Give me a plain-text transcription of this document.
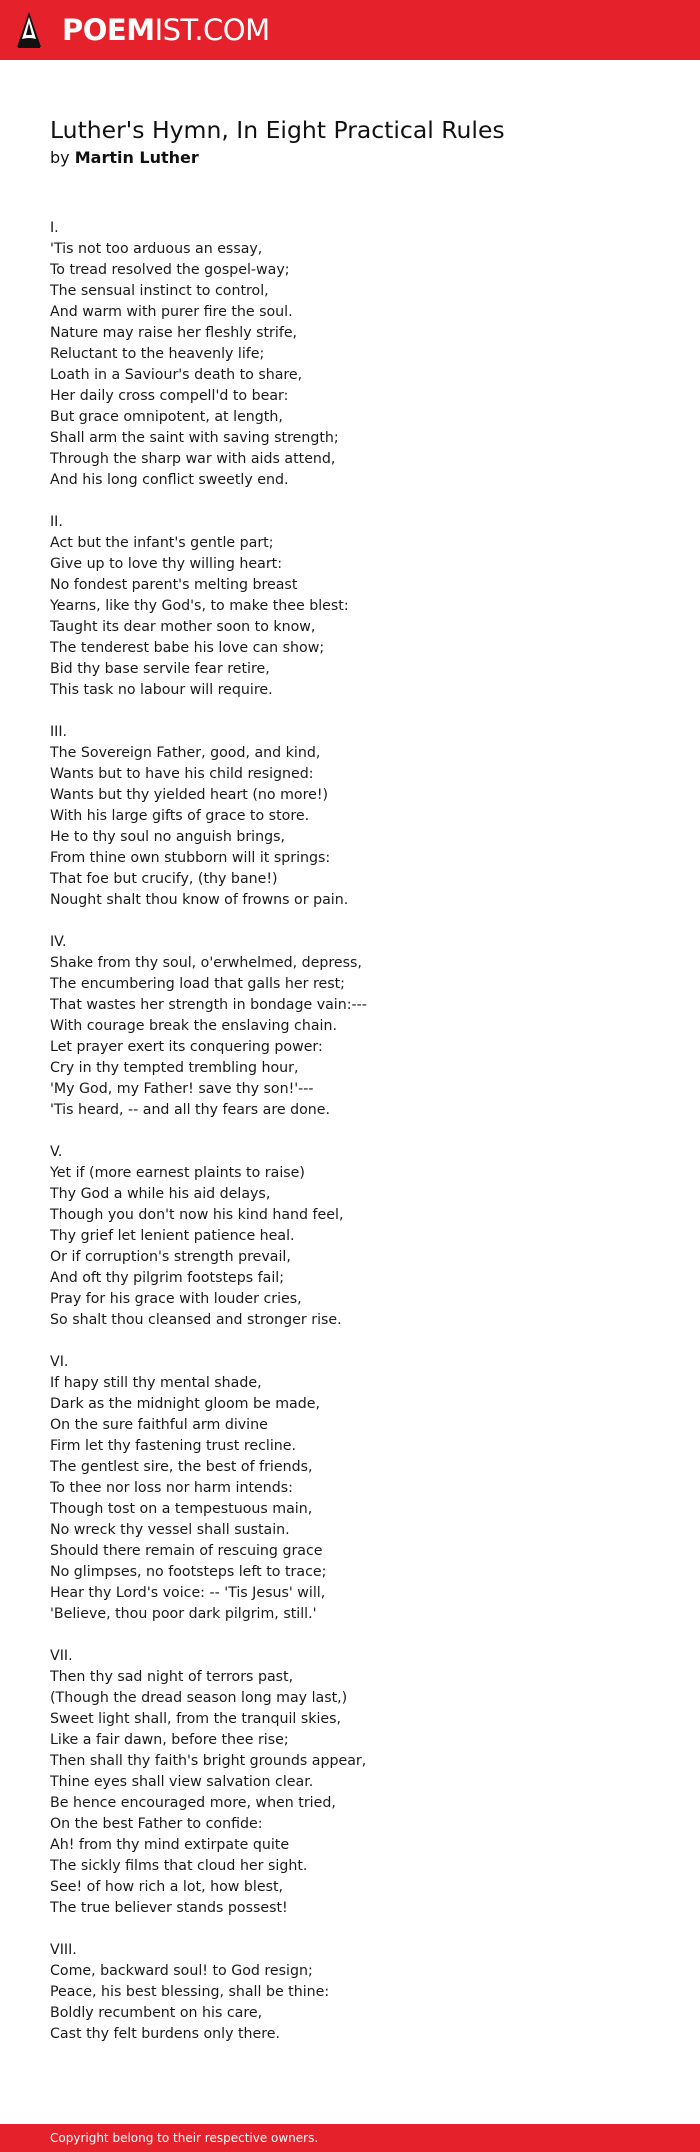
POEMIST.COM
Luther's Hymn, In Eight Practical Rules
by Martin Luther
I.
'Tis not too arduous an essay,
To tread resolved the gospel-way;
The sensual instinct to control,
And warm with purer fire the soul.
Nature may raise her fleshly strife,
Reluctant to the heavenly life;
Loath in a Saviour's death to share,
Her daily cross compell'd to bear:
But grace omnipotent, at length,
Shall arm the saint with saving strength;
Through the sharp war with aids attend,
And his long conflict sweetly end.
II.
Act but the infant's gentle part;
Give up to love thy willing heart:
No fondest parent's melting breast
Yearns, like thy God's, to make thee blest:
Taught its dear mother soon to know,
The tenderest babe his love can show;
Bid thy base servile fear retire,
This task no labour will require.
III.
The Sovereign Father, good, and kind,
Wants but to have his child resigned:
Wants but thy yielded heart (no more!)
With his large gifts of grace to store.
He to thy soul no anguish brings,
From thine own stubborn will it springs:
That foe but crucify, (thy bane!)
Nought shalt thou know of frowns or pain.
IV.
Shake from thy soul, o'erwhelmed, depress,
The encumbering load that galls her rest;
That wastes her strength in bondage vain:---
With courage break the enslaving chain.
Let prayer exert its conquering power:
Cry in thy tempted trembling hour,
'My God, my Father! save thy son!'---
'Tis heard, -- and all thy fears are done.
V.
Yet if (more earnest plaints to raise)
Thy God a while his aid delays,
Though you don't now his kind hand feel,
Thy grief let lenient patience heal.
Or if corruption's strength prevail,
And oft thy pilgrim footsteps fail;
Pray for his grace with louder cries,
So shalt thou cleansed and stronger rise.
VI.
If hapy still thy mental shade,
Dark as the midnight gloom be made,
On the sure faithful arm divine
Firm let thy fastening trust recline.
The gentlest sire, the best of friends,
To thee nor loss nor harm intends:
Though tost on a tempestuous main,
No wreck thy vessel shall sustain.
Should there remain of rescuing grace
No glimpses, no footsteps left to trace;
Hear thy Lord's voice: -- 'Tis Jesus' will,
'Believe, thou poor dark pilgrim, still.'
VII.
Then thy sad night of terrors past,
(Though the dread season long may last,)
Sweet light shall, from the tranquil skies,
Like a fair dawn, before thee rise;
Then shall thy faith's bright grounds appear,
Thine eyes shall view salvation clear.
Be hence encouraged more, when tried,
On the best Father to confide:
Ah! from thy mind extirpate quite
The sickly films that cloud her sight.
See! of how rich a lot, how blest,
The true believer stands possest!
VIII.
Come, backward soul! to God resign;
Peace, his best blessing, shall be thine:
Boldly recumbent on his care,
Cast thy felt burdens only there.
Copyright belong to their respective owners.
